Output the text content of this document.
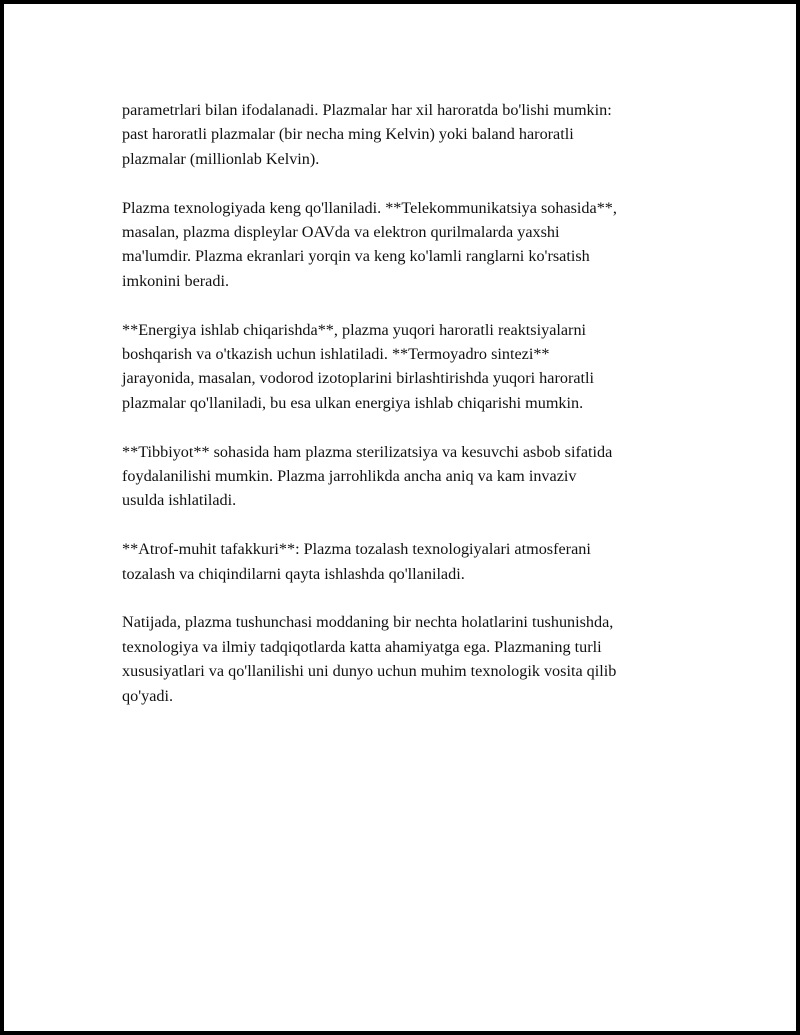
parametrlari bilan ifodalanadi. Plazmalar har xil haroratda bo'lishi mumkin:
past haroratli plazmalar (bir necha ming Kelvin) yoki baland haroratli
plazmalar (millionlab Kelvin).

Plazma texnologiyada keng qo'llaniladi. **Telekommunikatsiya sohasida**,
masalan, plazma displeylar OAVda va elektron qurilmalarda yaxshi
ma'lumdir. Plazma ekranlari yorqin va keng ko'lamli ranglarni ko'rsatish
imkonini beradi.

**Energiya ishlab chiqarishda**, plazma yuqori haroratli reaktsiyalarni
boshqarish va o'tkazish uchun ishlatiladi. **Termoyadro sintezi**
jarayonida, masalan, vodorod izotoplarini birlashtirishda yuqori haroratli
plazmalar qo'llaniladi, bu esa ulkan energiya ishlab chiqarishi mumkin.

**Tibbiyot** sohasida ham plazma sterilizatsiya va kesuvchi asbob sifatida
foydalanilishi mumkin. Plazma jarrohlikda ancha aniq va kam invaziv
usulda ishlatiladi.

**Atrof-muhit tafakkuri**: Plazma tozalash texnologiyalari atmosferani
tozalash va chiqindilarni qayta ishlashda qo'llaniladi.

Natijada, plazma tushunchasi moddaning bir nechta holatlarini tushunishda,
texnologiya va ilmiy tadqiqotlarda katta ahamiyatga ega. Plazmaning turli
xususiyatlari va qo'llanilishi uni dunyo uchun muhim texnologik vosita qilib
qo'yadi.
